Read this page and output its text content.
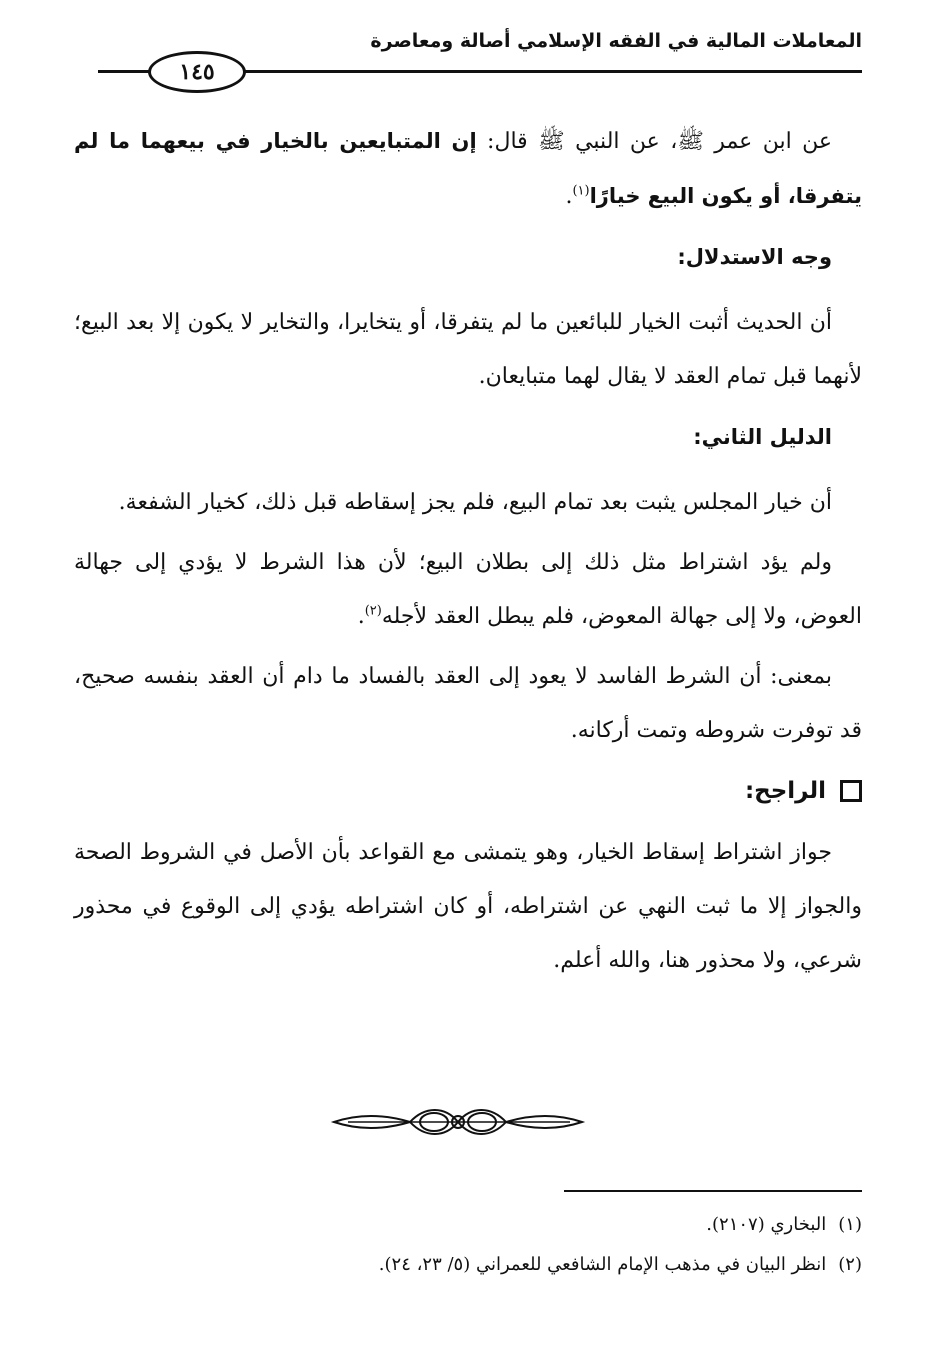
المعاملات المالية في الفقه الإسلامي أصالة ومعاصرة
١٤٥

عن ابن عمر ﷺ، عن النبي ﷺ قال: إن المتبايعين بالخيار في بيعهما ما لم يتفرقا، أو يكون البيع خيارًا$^{(١)}$.

وجه الاستدلال:

أن الحديث أثبت الخيار للبائعين ما لم يتفرقا، أو يتخايرا، والتخاير لا يكون إلا بعد البيع؛ لأنهما قبل تمام العقد لا يقال لهما متبايعان.

الدليل الثاني:

أن خيار المجلس يثبت بعد تمام البيع، فلم يجز إسقاطه قبل ذلك، كخيار الشفعة.

ولم يؤد اشتراط مثل ذلك إلى بطلان البيع؛ لأن هذا الشرط لا يؤدي إلى جهالة العوض، ولا إلى جهالة المعوض، فلم يبطل العقد لأجله$^{(٢)}$.

بمعنى: أن الشرط الفاسد لا يعود إلى العقد بالفساد ما دام أن العقد بنفسه صحيح، قد توفرت شروطه وتمت أركانه.

الراجح:

جواز اشتراط إسقاط الخيار، وهو يتمشى مع القواعد بأن الأصل في الشروط الصحة والجواز إلا ما ثبت النهي عن اشتراطه، أو كان اشتراطه يؤدي إلى الوقوع في محذور شرعي، ولا محذور هنا، والله أعلم.

(١)البخاري (٢١٠٧).
(٢)انظر البيان في مذهب الإمام الشافعي للعمراني (٥/ ٢٣، ٢٤).
